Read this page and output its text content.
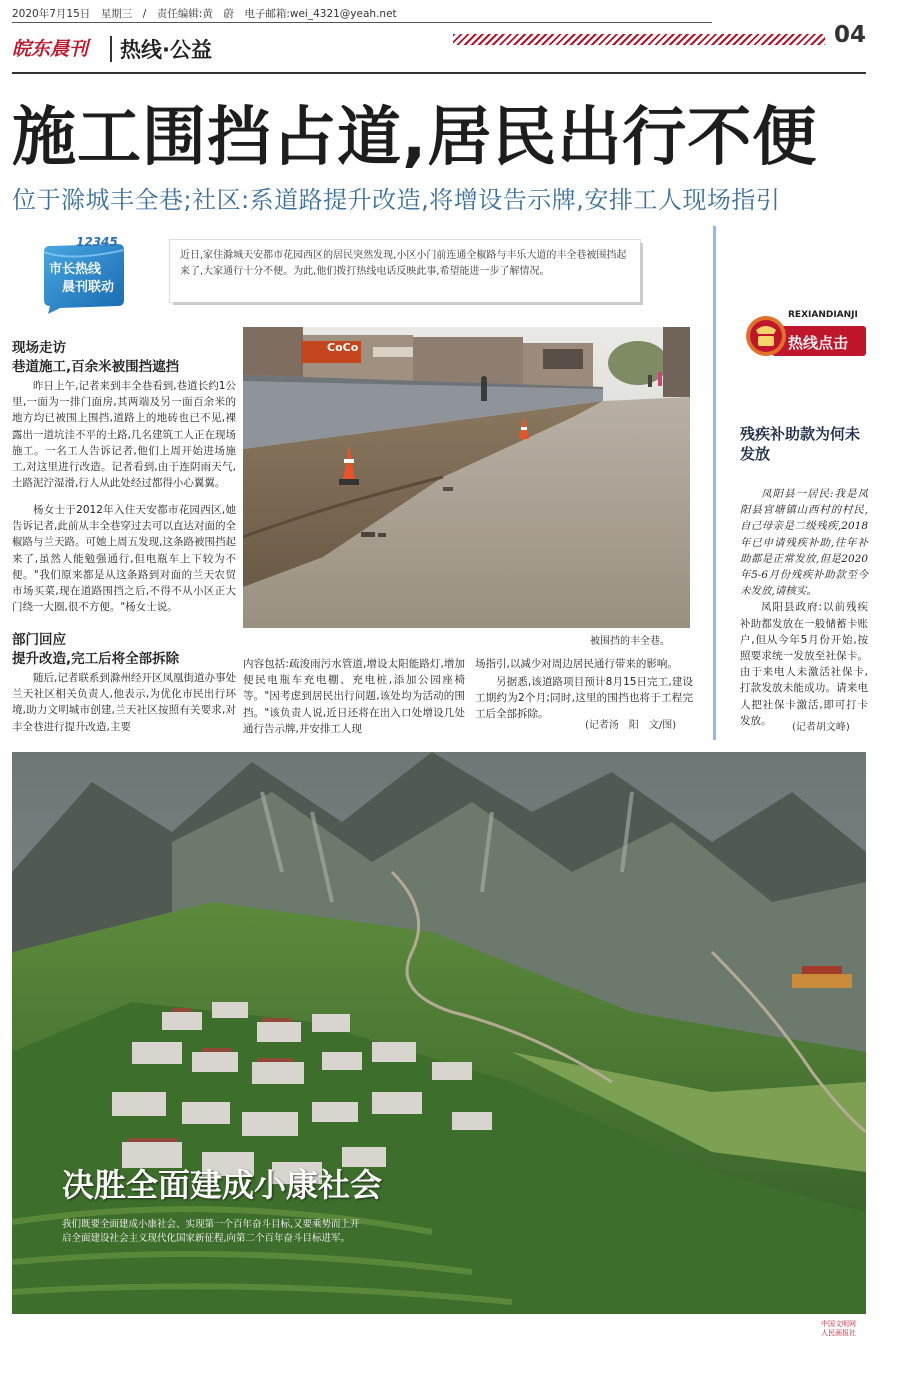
2020年7月15日　星期三　/　责任编辑:黄　蔚　电子邮箱:wei_4321@yeah.net
04
皖东晨刊 热线·公益
施工围挡占道,居民出行不便
位于滁城丰全巷;社区:系道路提升改造,将增设告示牌,安排工人现场指引
12345
市长热线
晨刊联动
近日,家住滁城天安都市花园西区的居民突然发现,小区小门前连通全椒路与丰乐大道的丰全巷被围挡起来了,大家通行十分不便。为此,他们拨打热线电话反映此事,希望能进一步了解情况。
现场走访
巷道施工,百余米被围挡遮挡
昨日上午,记者来到丰全巷看到,巷道长约1公里,一面为一排门面房,其两端及另一面百余米的地方均已被围上围挡,道路上的地砖也已不见,裸露出一道坑洼不平的土路,几名建筑工人正在现场施工。一名工人告诉记者,他们上周开始进场施工,对这里进行改造。记者看到,由于连阴雨天气,土路泥泞湿滑,行人从此处经过都得小心翼翼。
杨女士于2012年入住天安都市花园西区,她告诉记者,此前从丰全巷穿过去可以直达对面的全椒路与兰天路。可她上周五发现,这条路被围挡起来了,虽然人能勉强通行,但电瓶车上下较为不便。"我们原来都是从这条路到对面的兰天农贸市场买菜,现在道路围挡之后,不得不从小区正大门绕一大圈,很不方便。"杨女士说。
部门回应
提升改造,完工后将全部拆除
随后,记者联系到滁州经开区凤凰街道办事处兰天社区相关负责人,他表示,为优化市民出行环境,助力文明城市创建,兰天社区按照有关要求,对丰全巷进行提升改造,主要
CoCo
被围挡的丰全巷。
内容包括:疏浚雨污水管道,增设太阳能路灯,增加便民电瓶车充电棚、充电桩,添加公园座椅等。"因考虑到居民出行问题,该处均为活动的围挡。"该负责人说,近日还将在出入口处增设几处通行告示牌,并安排工人现
场指引,以减少对周边居民通行带来的影响。
另据悉,该道路项目预计8月15日完工,建设工期约为2个月;同时,这里的围挡也将于工程完工后全部拆除。
(记者汤　阳　文/图)
REXIANDIANJI
热线点击
残疾补助款为何未发放
凤阳县一居民:我是凤阳县官塘镇山西村的村民,自己母亲是二级残疾,2018年已申请残疾补助,往年补助都是正常发放,但是2020年5-6月份残疾补助款至今未发放,请核实。
凤阳县政府:以前残疾补助都发放在一般储蓄卡账户,但从今年5月份开始,按照要求统一发放至社保卡。由于来电人未激活社保卡,打款发放未能成功。请来电人把社保卡激活,即可打卡发放。
(记者胡文峰)
决胜全面建成小康社会
我们既要全面建成小康社会、实现第一个百年奋斗目标,又要乘势而上开启全面建设社会主义现代化国家新征程,向第二个百年奋斗目标进军。
中国文明网
人民画报社
